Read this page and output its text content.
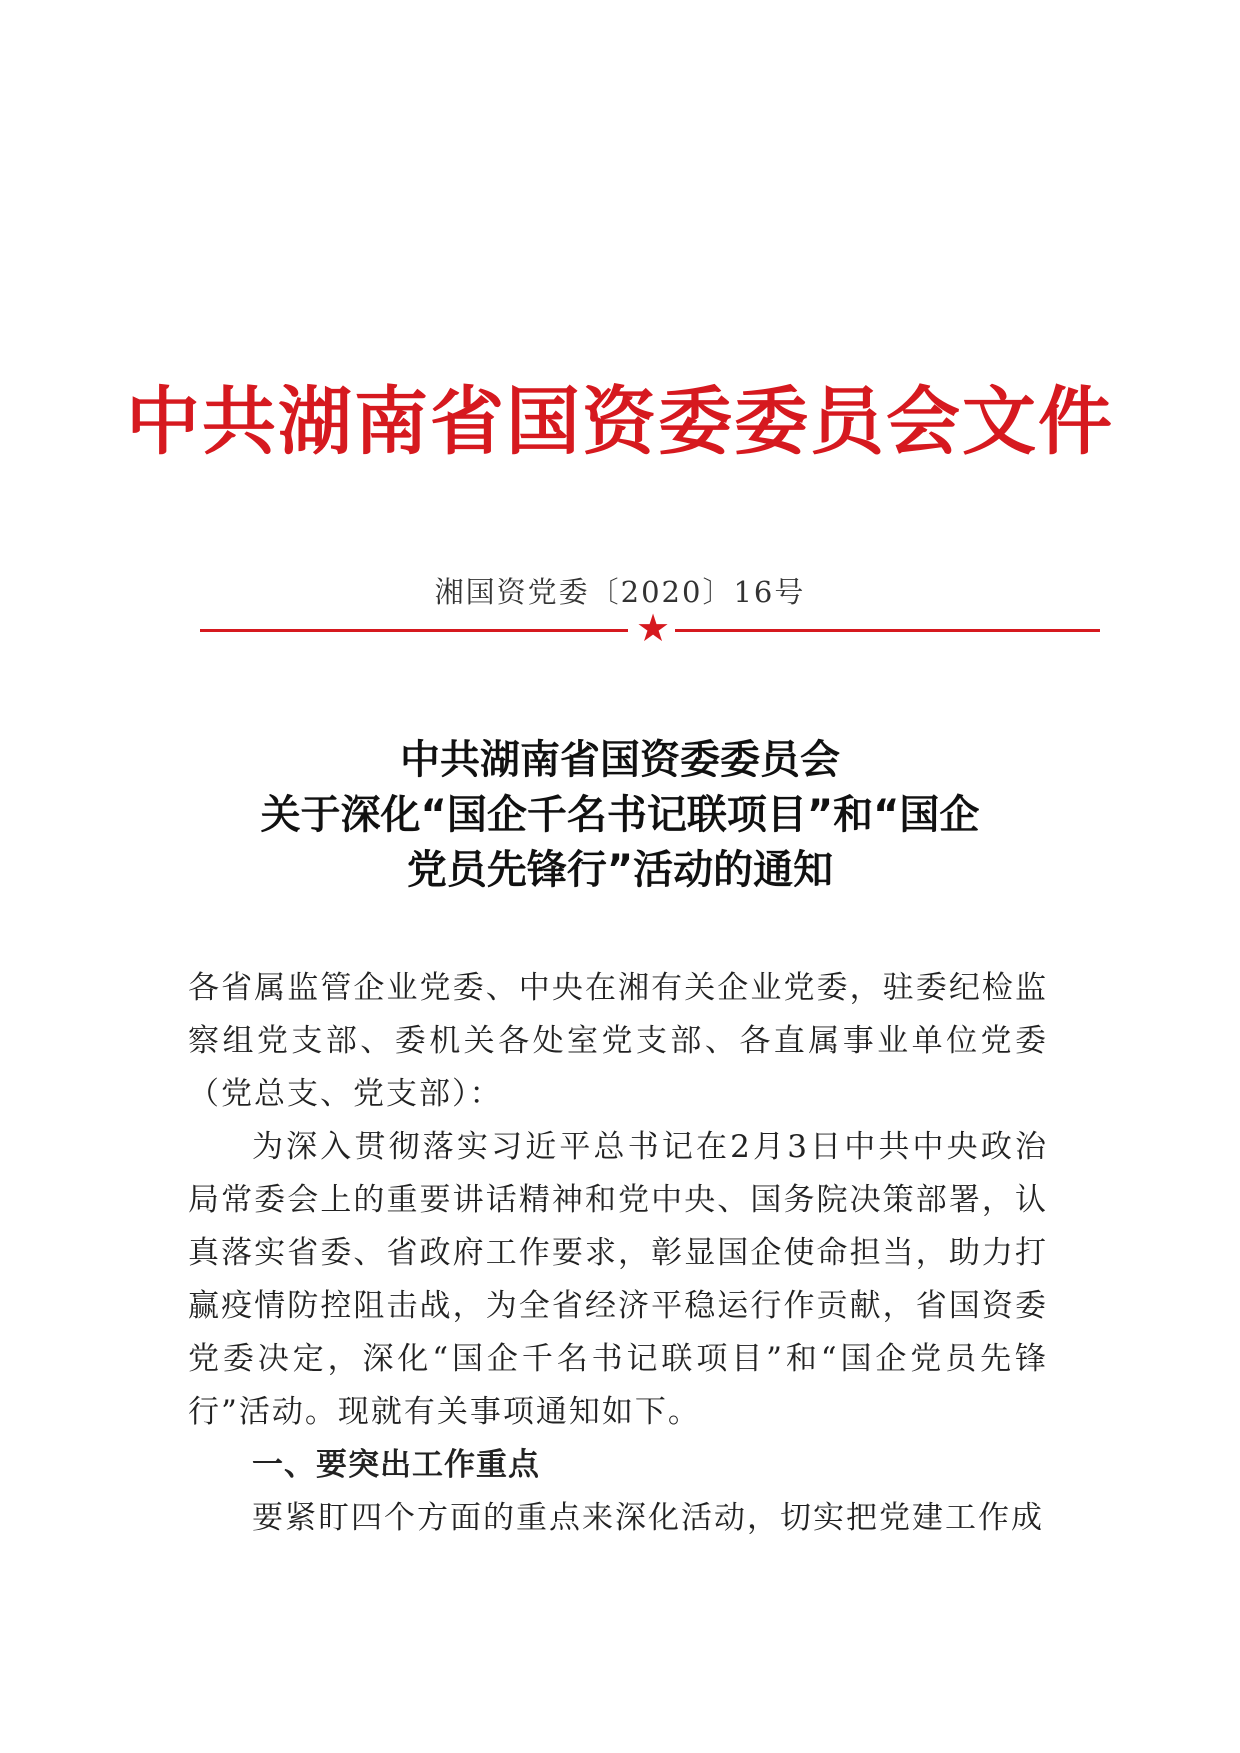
中共湖南省国资委委员会文件
湘国资党委〔2020〕16号
★
中共湖南省国资委委员会
关于深化“国企千名书记联项目”和“国企
党员先锋行”活动的通知

各省属监管企业党委、中央在湘有关企业党委，驻委纪检监察组党支部、委机关各处室党支部、各直属事业单位党委（党总支、党支部）：

为深入贯彻落实习近平总书记在2月3日中共中央政治局常委会上的重要讲话精神和党中央、国务院决策部署，认真落实省委、省政府工作要求，彰显国企使命担当，助力打赢疫情防控阻击战，为全省经济平稳运行作贡献，省国资委党委决定，深化“国企千名书记联项目”和“国企党员先锋行”活动。现就有关事项通知如下。

一、要突出工作重点

要紧盯四个方面的重点来深化活动，切实把党建工作成
